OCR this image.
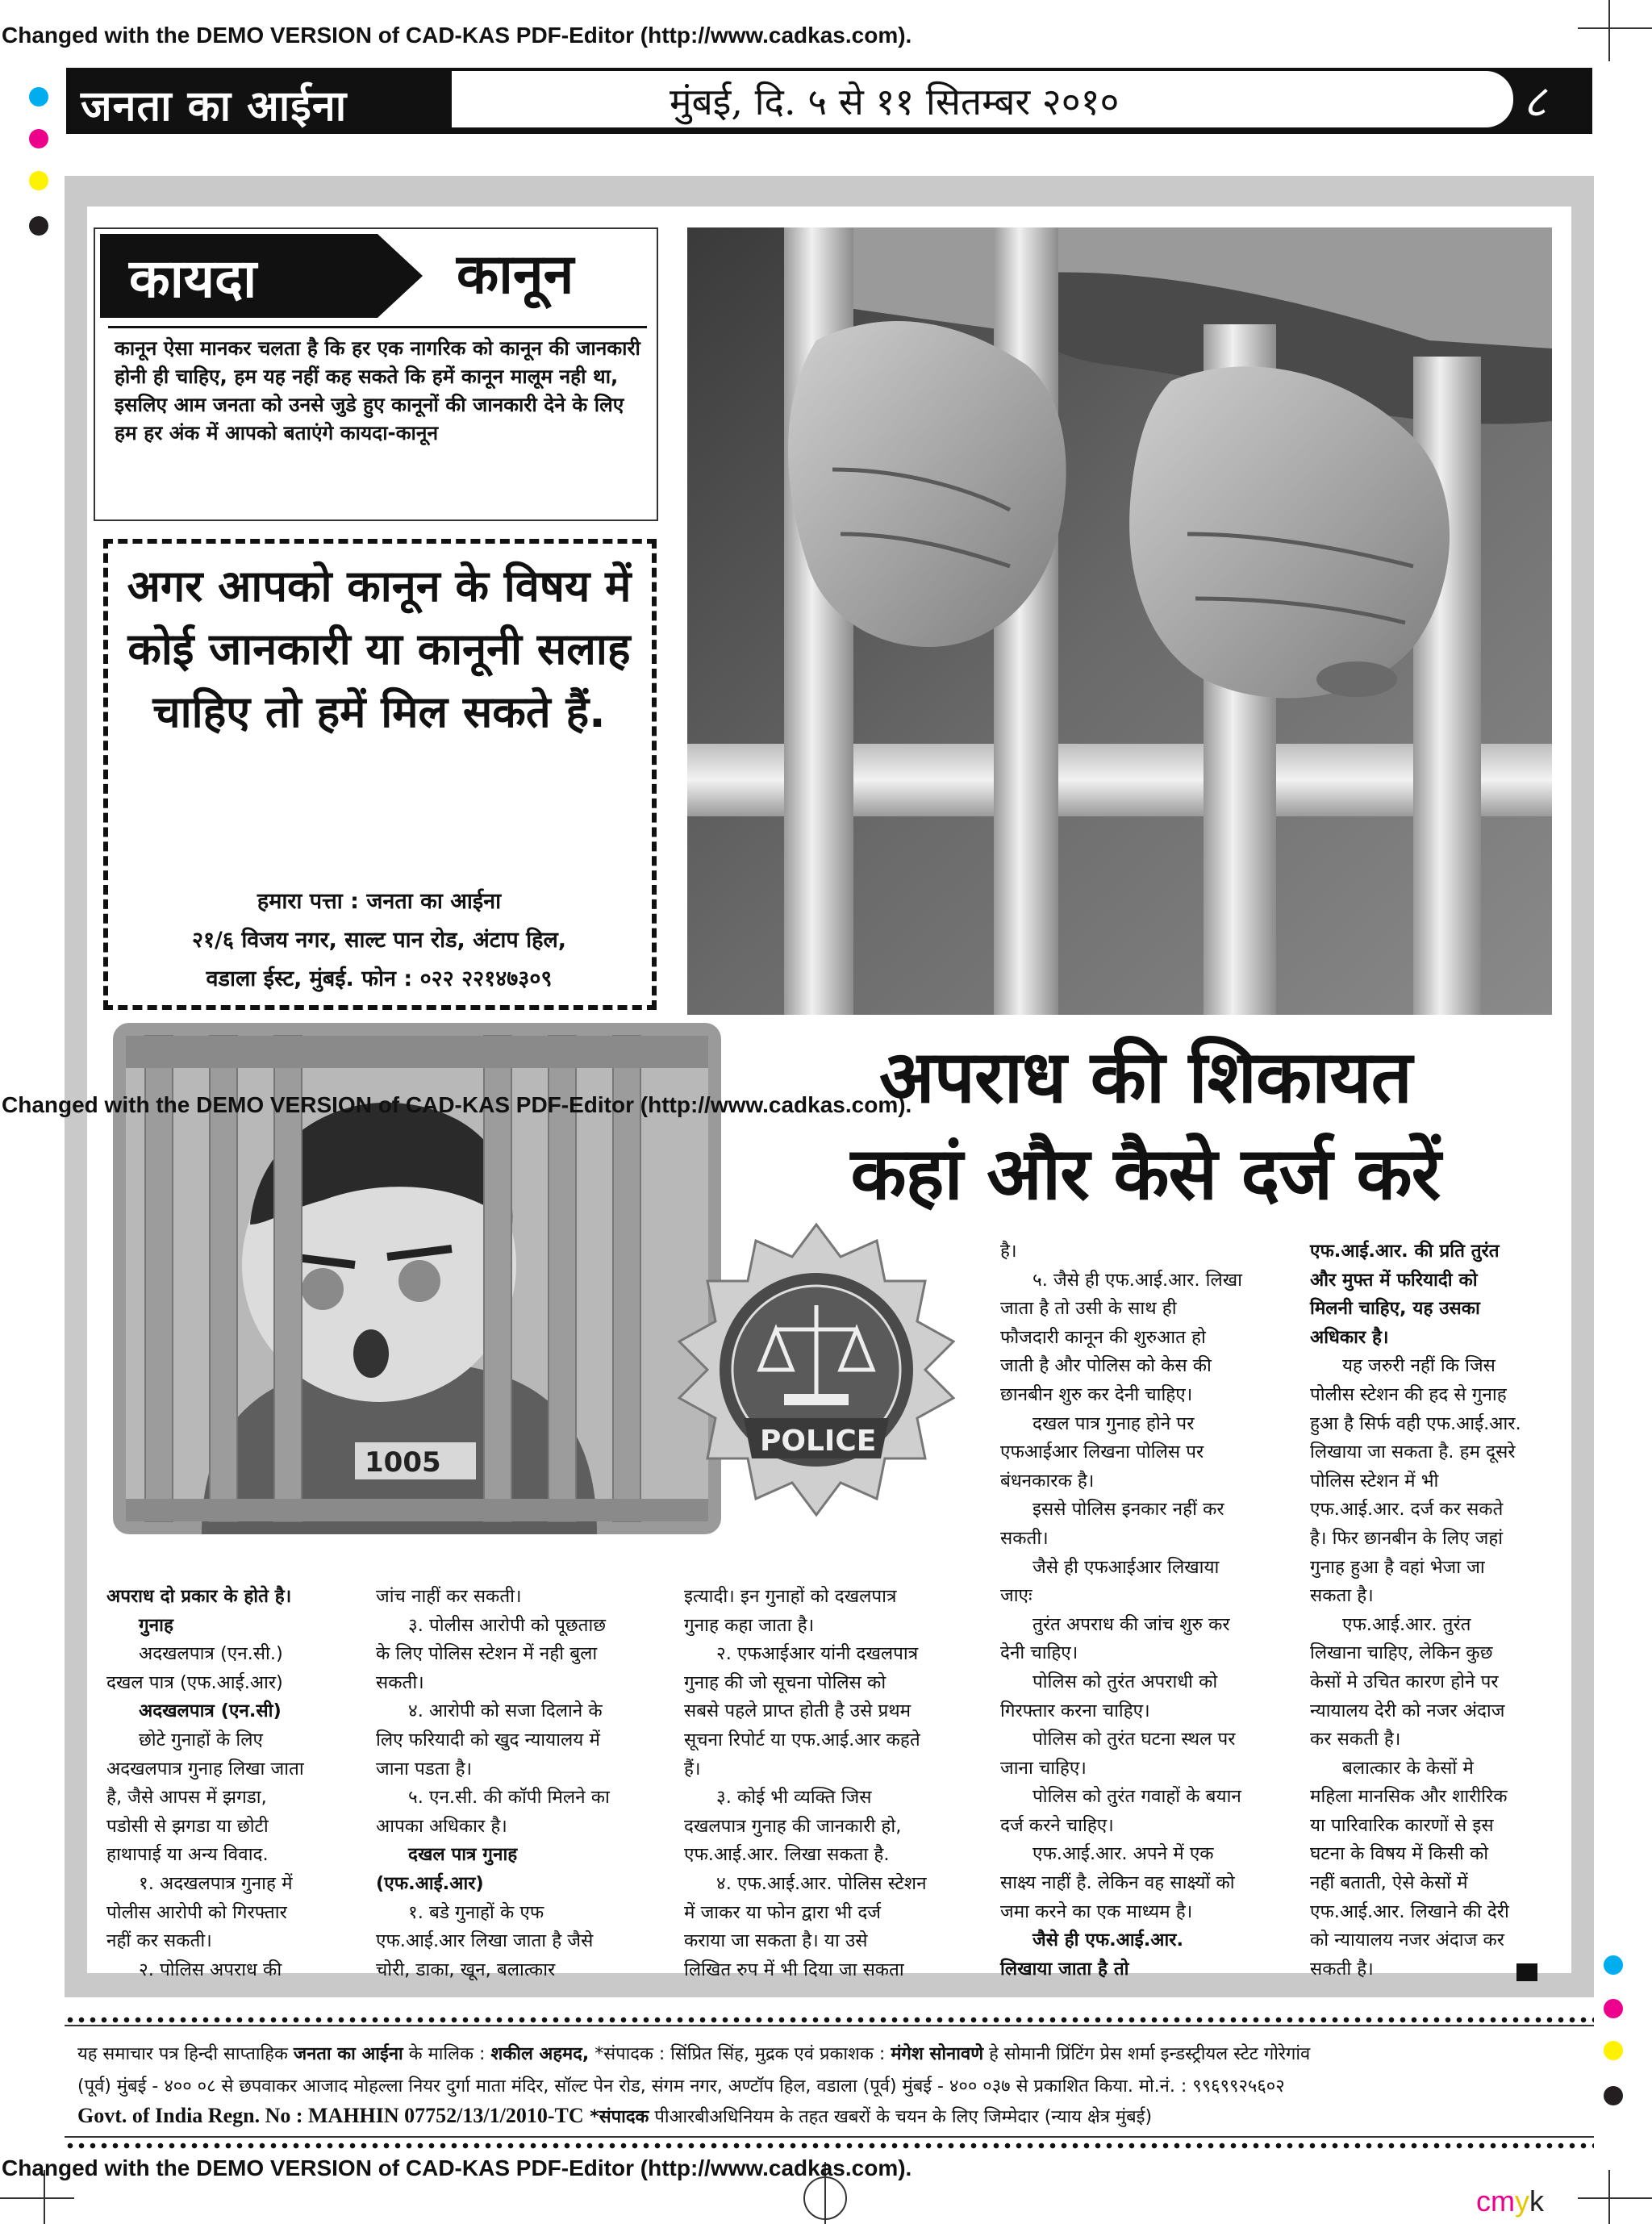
Changed with the DEMO VERSION of CAD-KAS PDF-Editor (http://www.cadkas.com).
जनता का आईना	मुंबई, दि. ५ से ११ सितम्बर २०१०	८
कायदा	कानून
कानून ऐसा मानकर चलता है कि हर एक नागरिक को कानून की जानकारी होनी ही चाहिए, हम यह नहीं कह सकते कि हमें कानून मालूम नही था, इसलिए आम जनता को उनसे जुडे हुए कानूनों की जानकारी देने के लिए हम हर अंक में आपको बताएंगे कायदा-कानून
अगर आपको कानून के विषय में कोई जानकारी या कानूनी सलाह चाहिए तो हमें मिल सकते हैं.
हमारा पत्ता : जनता का आईना
२१/६ विजय नगर, साल्ट पान रोड, अंटाप हिल,
वडाला ईस्ट, मुंबई. फोन : ०२२ २२१४७३०९
1005
POLICE
Changed with the DEMO VERSION of CAD-KAS PDF-Editor (http://www.cadkas.com).
अपराध की शिकायत
कहां और कैसे दर्ज करें

अपराध दो प्रकार के होते है।

गुनाह

अदखलपात्र (एन.सी.)

दखल पात्र (एफ.आई.आर)

अदखलपात्र (एन.सी)

छोटे गुनाहों के लिए

अदखलपात्र गुनाह लिखा जाता

है, जैसे आपस में झगडा,

पडोसी से झगडा या छोटी

हाथापाई या अन्य विवाद.

१. अदखलपात्र गुनाह में

पोलीस आरोपी को गिरफ्तार

नहीं कर सकती।

२. पोलिस अपराध की

जांच नाहीं कर सकती।

३. पोलीस आरोपी को पूछताछ

के लिए पोलिस स्टेशन में नही बुला

सकती।

४. आरोपी को सजा दिलाने के

लिए फरियादी को खुद न्यायालय में

जाना पडता है।

५. एन.सी. की कॉपी मिलने का

आपका अधिकार है।

दखल पात्र गुनाह

(एफ.आई.आर)

१. बडे गुनाहों के एफ

एफ.आई.आर लिखा जाता है जैसे

चोरी, डाका, खून, बलात्कार

इत्यादी। इन गुनाहों को दखलपात्र

गुनाह कहा जाता है।

२. एफआईआर यांनी दखलपात्र

गुनाह की जो सूचना पोलिस को

सबसे पहले प्राप्त होती है उसे प्रथम

सूचना रिपोर्ट या एफ.आई.आर कहते

हैं।

३. कोई भी व्यक्ति जिस

दखलपात्र गुनाह की जानकारी हो,

एफ.आई.आर. लिखा सकता है.

४. एफ.आई.आर. पोलिस स्टेशन

में जाकर या फोन द्वारा भी दर्ज

कराया जा सकता है। या उसे

लिखित रुप में भी दिया जा सकता

है।

५. जैसे ही एफ.आई.आर. लिखा

जाता है तो उसी के साथ ही

फौजदारी कानून की शुरुआत हो

जाती है और पोलिस को केस की

छानबीन शुरु कर देनी चाहिए।

दखल पात्र गुनाह होने पर

एफआईआर लिखना पोलिस पर

बंधनकारक है।

इससे पोलिस इनकार नहीं कर

सकती।

जैसे ही एफआईआर लिखाया

जाएः

तुरंत अपराध की जांच शुरु कर

देनी चाहिए।

पोलिस को तुरंत अपराधी को

गिरफ्तार करना चाहिए।

पोलिस को तुरंत घटना स्थल पर

जाना चाहिए।

पोलिस को तुरंत गवाहों के बयान

दर्ज करने चाहिए।

एफ.आई.आर. अपने में एक

साक्ष्य नाहीं है. लेकिन वह साक्ष्यों को

जमा करने का एक माध्यम है।

जैसे ही एफ.आई.आर.

लिखाया जाता है तो

एफ.आई.आर. की प्रति तुरंत

और मुफ्त में फरियादी को

मिलनी चाहिए, यह उसका

अधिकार है।

यह जरुरी नहीं कि जिस

पोलीस स्टेशन की हद से गुनाह

हुआ है सिर्फ वही एफ.आई.आर.

लिखाया जा सकता है. हम दूसरे

पोलिस स्टेशन में भी

एफ.आई.आर. दर्ज कर सकते

है। फिर छानबीन के लिए जहां

गुनाह हुआ है वहां भेजा जा

सकता है।

एफ.आई.आर. तुरंत

लिखाना चाहिए, लेकिन कुछ

केसों मे उचित कारण होने पर

न्यायालय देरी को नजर अंदाज

कर सकती है।

बलात्कार के केसों मे

महिला मानसिक और शारीरिक

या पारिवारिक कारणों से इस

घटना के विषय में किसी को

नहीं बताती, ऐसे केसों में

एफ.आई.आर. लिखाने की देरी

को न्यायालय नजर अंदाज कर

सकती है।

यह समाचार पत्र हिन्दी साप्ताहिक जनता का आईना के मालिक : शकील अहमद, *संपादक : सिंप्रित सिंह, मुद्रक एवं प्रकाशक : मंगेश सोनावणे हे सोमानी प्रिंटिंग प्रेस शर्मा इन्डस्ट्रीयल स्टेट गोरेगांव
(पूर्व) मुंबई - ४०० ०८ से छपवाकर आजाद मोहल्ला नियर दुर्गा माता मंदिर, सॉल्ट पेन रोड, संगम नगर, अण्टॉप हिल, वडाला (पूर्व) मुंबई - ४०० ०३७ से प्रकाशित किया. मो.नं. : ९९६९९२५६०२
Govt. of India Regn. No : MAHHIN 07752/13/1/2010-TC *संपादक पीआरबीअधिनियम के तहत खबरों के चयन के लिए जिम्मेदार (न्याय क्षेत्र मुंबई)
Changed with the DEMO VERSION of CAD-KAS PDF-Editor (http://www.cadkas.com).
cmyk
